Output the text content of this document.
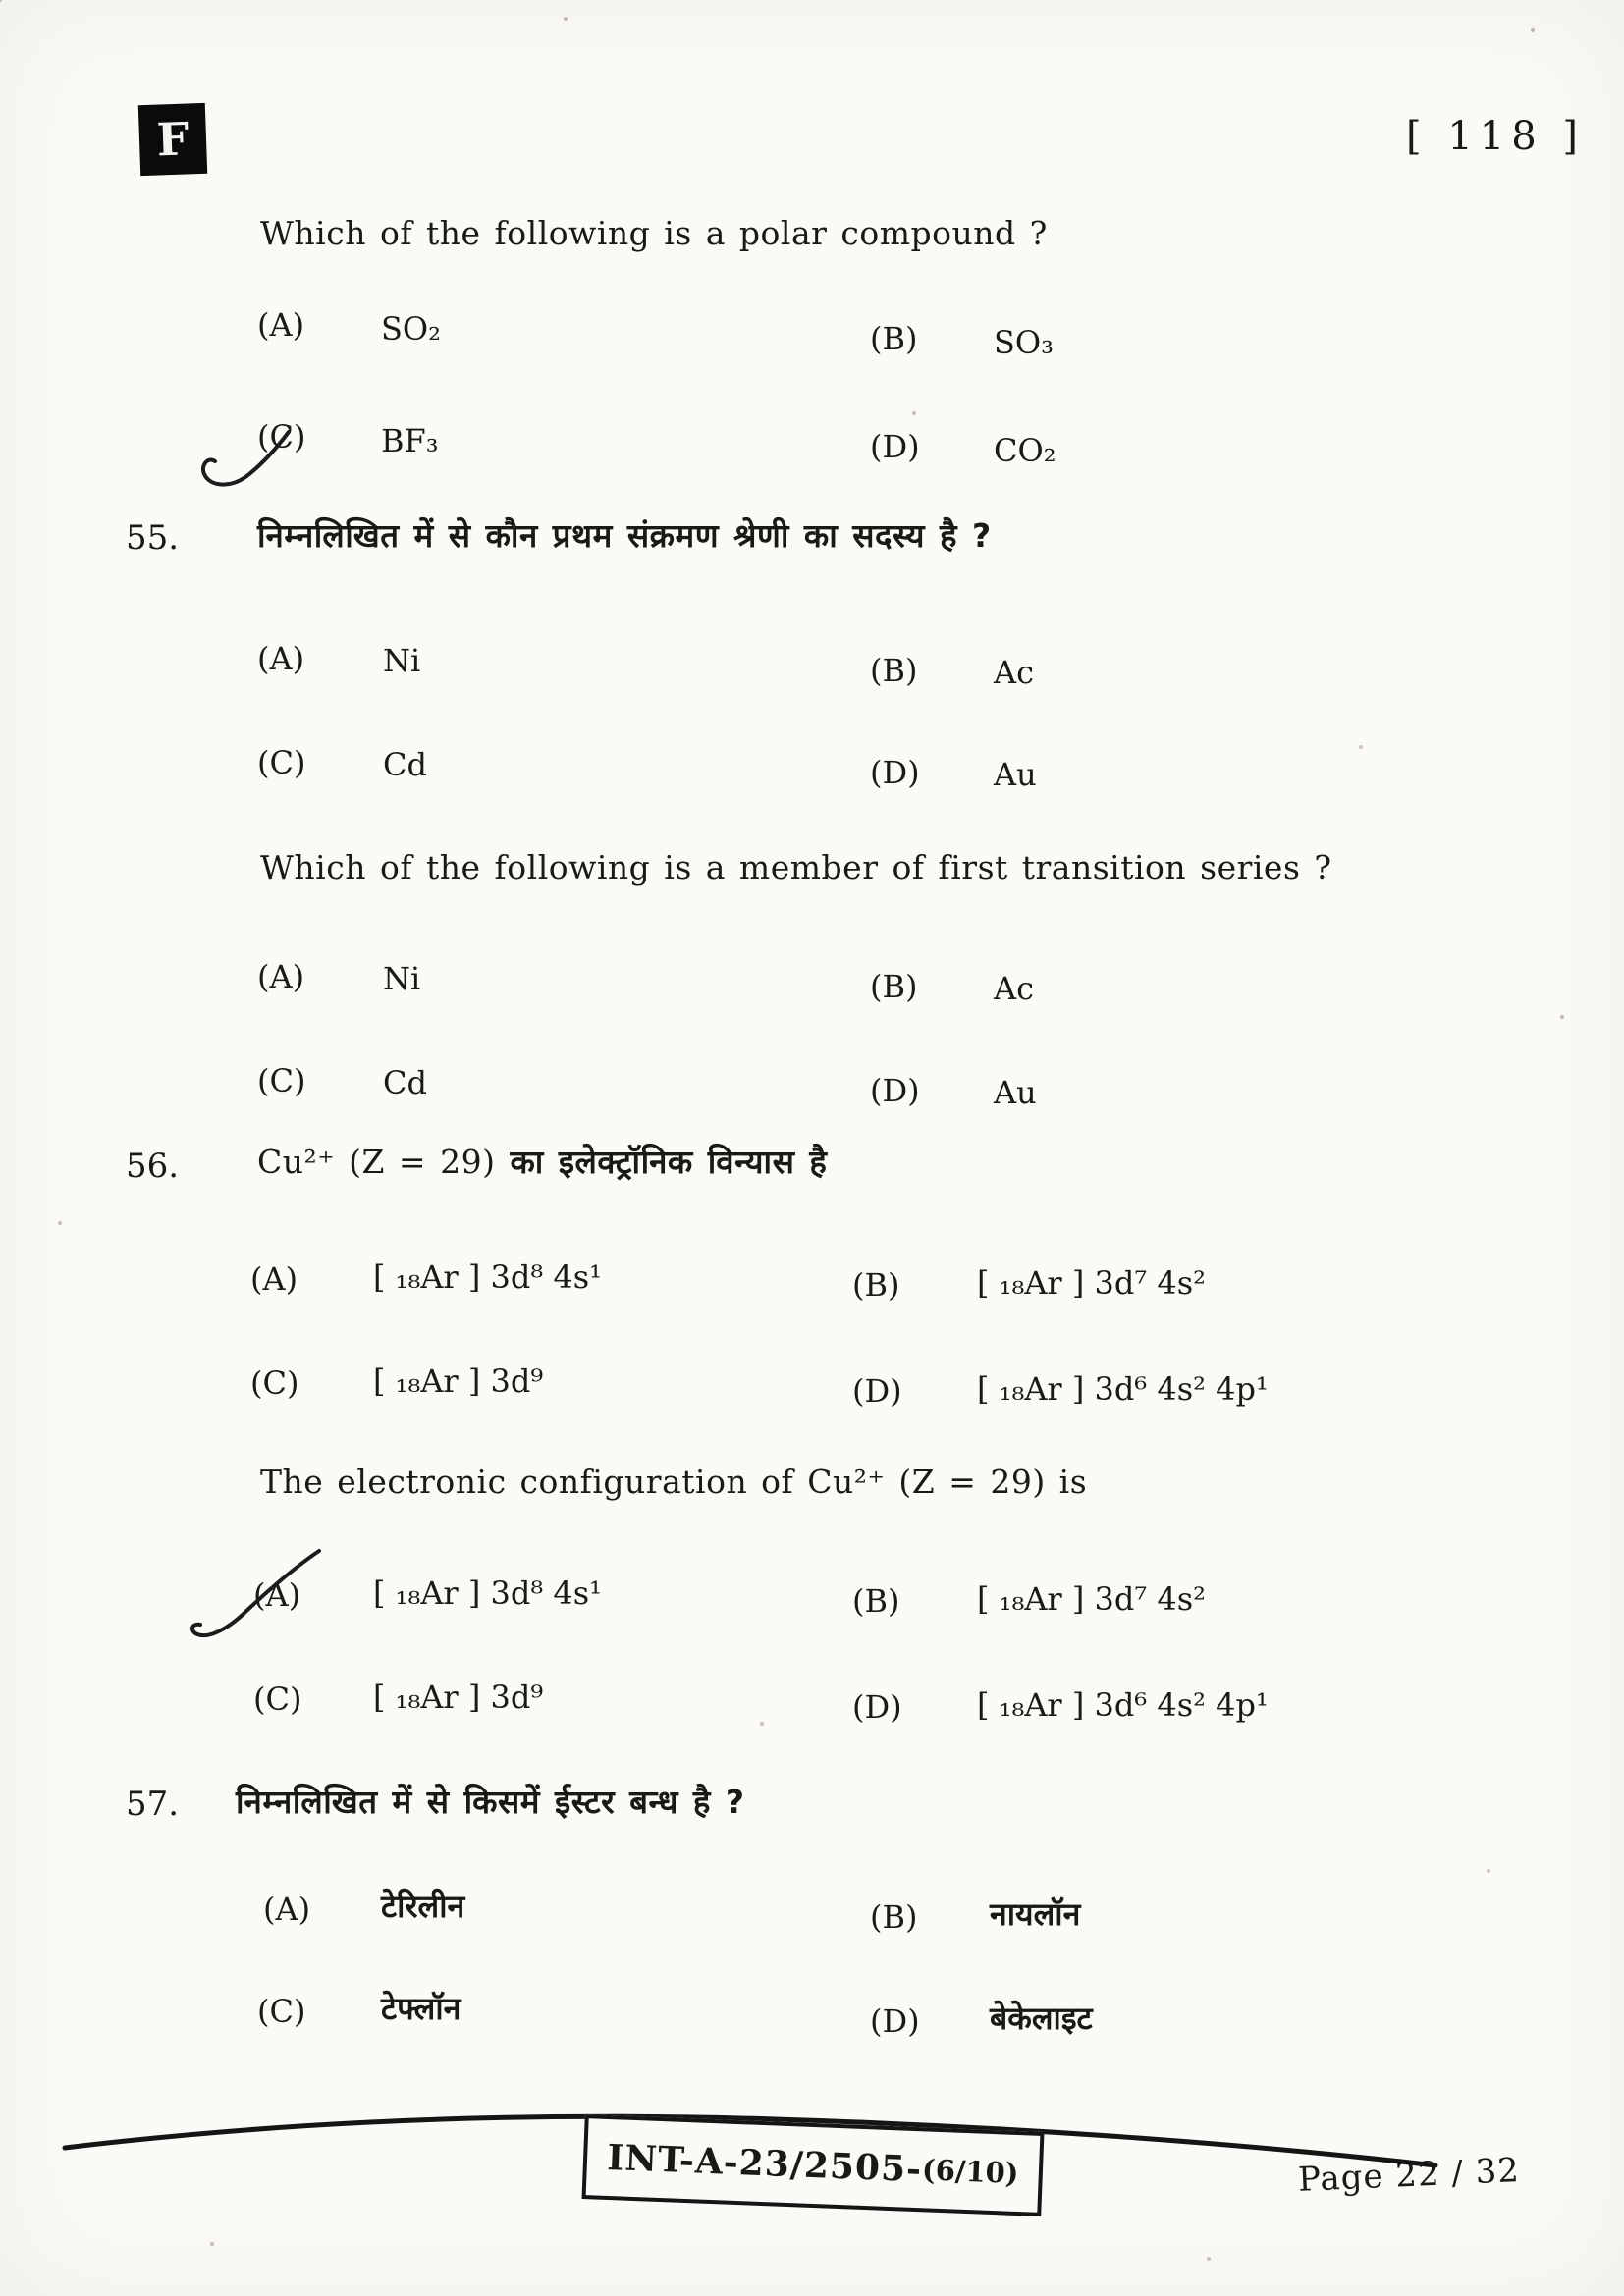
F	[ 118 ]
Which of the following is a polar compound ?
(A) SO₂	(B) SO₃
(C) BF₃	(D) CO₂
55. निम्नलिखित में से कौन प्रथम संक्रमण श्रेणी का सदस्य है ?
(A) Ni	(B) Ac
(C) Cd	(D) Au
Which of the following is a member of first transition series ?
(A) Ni	(B) Ac
(C) Cd	(D) Au
56. Cu²⁺ (Z = 29) का इलेक्ट्रॉनिक विन्यास है
(A) [ ₁₈Ar ] 3d⁸ 4s¹	(B) [ ₁₈Ar ] 3d⁷ 4s²
(C) [ ₁₈Ar ] 3d⁹	(D) [ ₁₈Ar ] 3d⁶ 4s² 4p¹
The electronic configuration of Cu²⁺ (Z = 29) is
(A) [ ₁₈Ar ] 3d⁸ 4s¹	(B) [ ₁₈Ar ] 3d⁷ 4s²
(C) [ ₁₈Ar ] 3d⁹	(D) [ ₁₈Ar ] 3d⁶ 4s² 4p¹
57. निम्नलिखित में से किसमें ईस्टर बन्ध है ?
(A) टेरिलीन	(B) नायलॉन
(C) टेफ्लॉन	(D) बेकेलाइट
INT-A-23/2505-
(6/10)	Page 22 / 32
